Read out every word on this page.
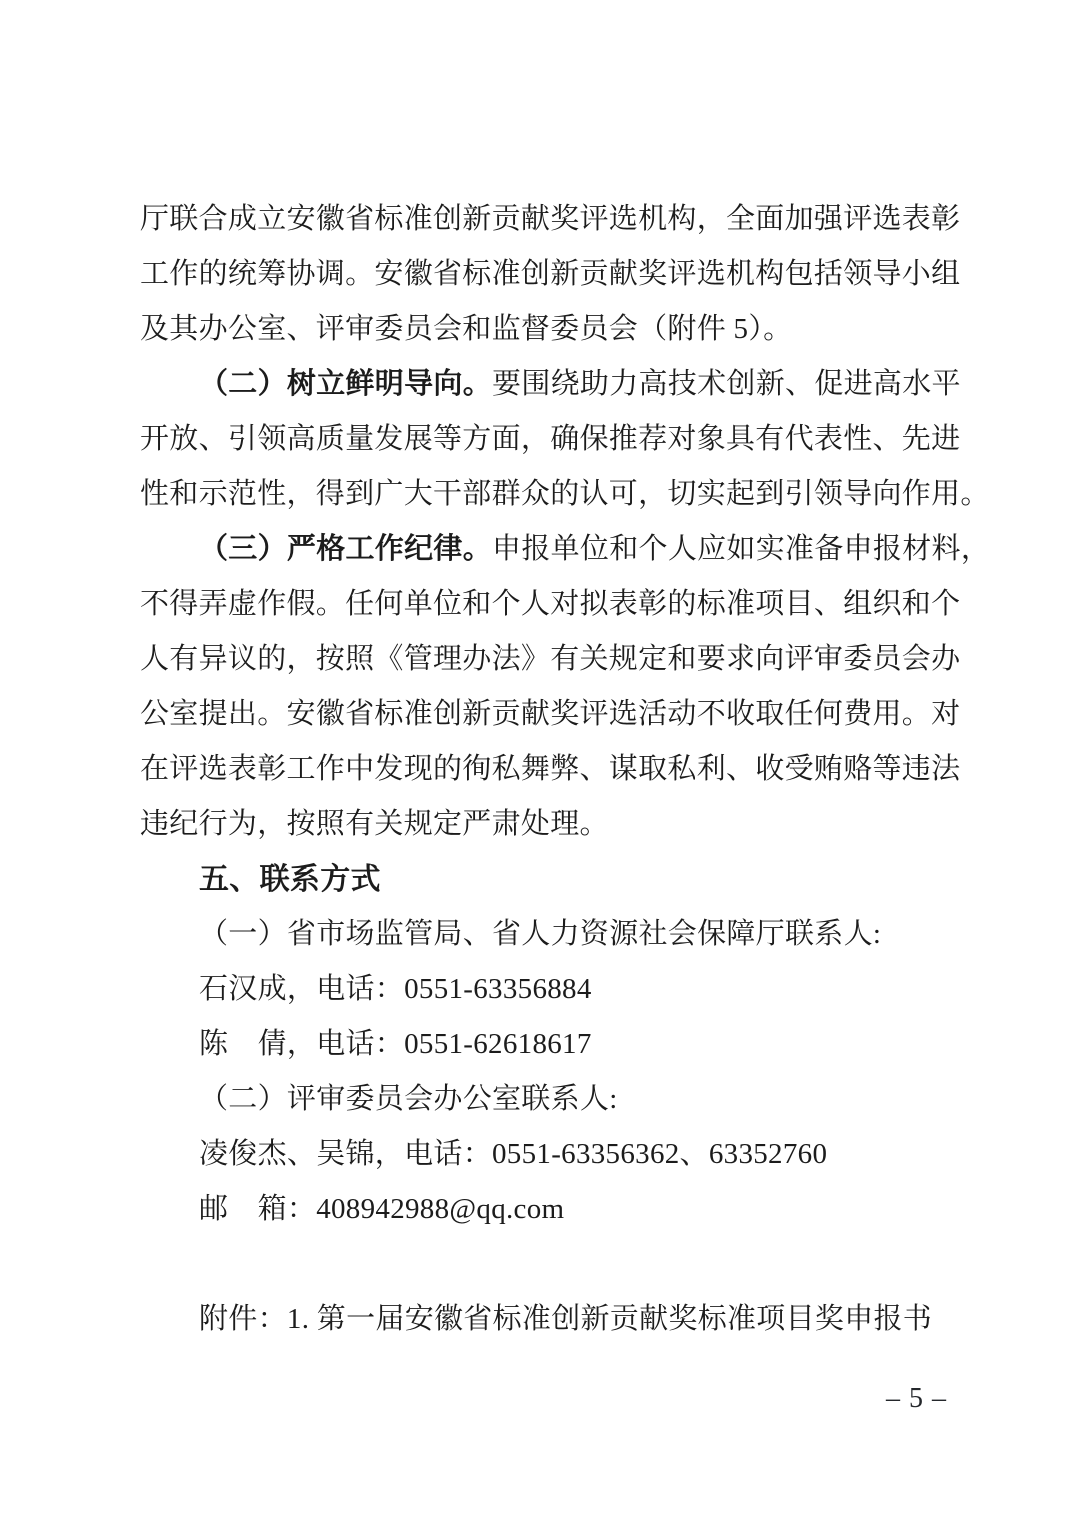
厅联合成立安徽省标准创新贡献奖评选机构，全面加强评选表彰
工作的统筹协调。安徽省标准创新贡献奖评选机构包括领导小组
及其办公室、评审委员会和监督委员会（附件 5）。
（二）树立鲜明导向。要围绕助力高技术创新、促进高水平
开放、引领高质量发展等方面，确保推荐对象具有代表性、先进
性和示范性，得到广大干部群众的认可，切实起到引领导向作用。
（三）严格工作纪律。申报单位和个人应如实准备申报材料，
不得弄虚作假。任何单位和个人对拟表彰的标准项目、组织和个
人有异议的，按照《管理办法》有关规定和要求向评审委员会办
公室提出。安徽省标准创新贡献奖评选活动不收取任何费用。对
在评选表彰工作中发现的徇私舞弊、谋取私利、收受贿赂等违法
违纪行为，按照有关规定严肃处理。
五、联系方式
（一）省市场监管局、省人力资源社会保障厅联系人:
石汉成，电话：0551-63356884
陈　倩，电话：0551-62618617
（二）评审委员会办公室联系人:
凌俊杰、吴锦，电话：0551-63356362、63352760
邮　箱：408942988@qq.com
附件：1. 第一届安徽省标准创新贡献奖标准项目奖申报书
– 5 –
